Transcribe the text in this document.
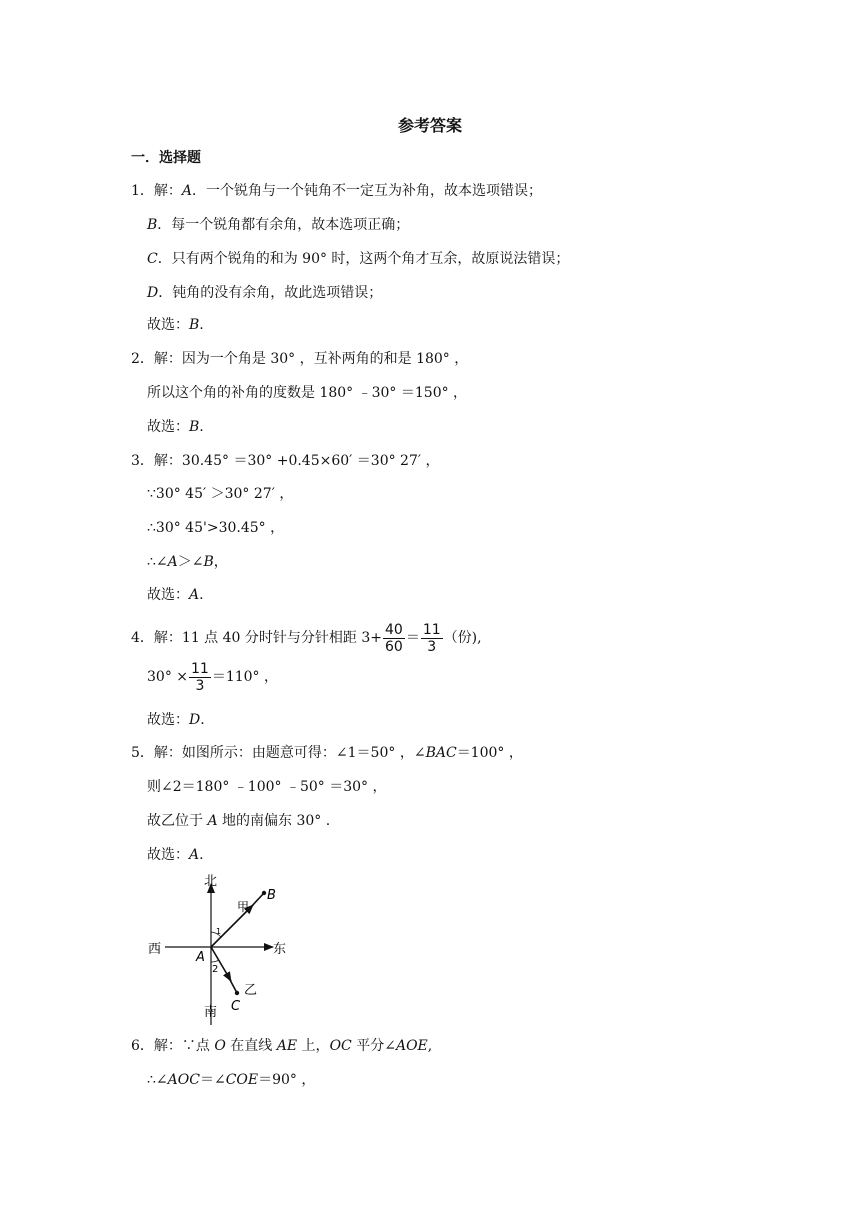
参考答案
一．选择题
1．解：A．一个锐角与一个钝角不一定互为补角，故本选项错误；
B．每一个锐角都有余角，故本选项正确；
C．只有两个锐角的和为 90° 时，这两个角才互余，故原说法错误；
D．钝角的没有余角，故此选项错误；
故选：B.
2．解：因为一个角是 30° ，互补两角的和是 180° ，
所以这个角的补角的度数是 180° ﹣30° ＝150° ，
故选：B.
3．解：30.45° ＝30° +0.45×60′ ＝30° 27′ ，
∵30° 45′ ＞30° 27′ ，
∴30° 45'>30.45° ，
∴∠A＞∠B，
故选：A.
4．解：11 点 40 分时针与分针相距 $3+ \frac{40}{60} = \frac{11}{3}$ （份),
$30^\circ \times \frac{11}{3} =110^\circ$ ，
故选：D.
5．解：如图所示：由题意可得：∠1＝50° ，∠BAC＝100° ，
则∠2＝180° ﹣100° ﹣50° ＝30° ，
故乙位于 A 地的南偏东 30° .
故选：A.
北
南
西	东
甲
乙
A
B
C
1
2
6．解：∵点 O 在直线 AE 上，OC 平分∠AOE,
∴∠AOC＝∠COE＝90° ，
